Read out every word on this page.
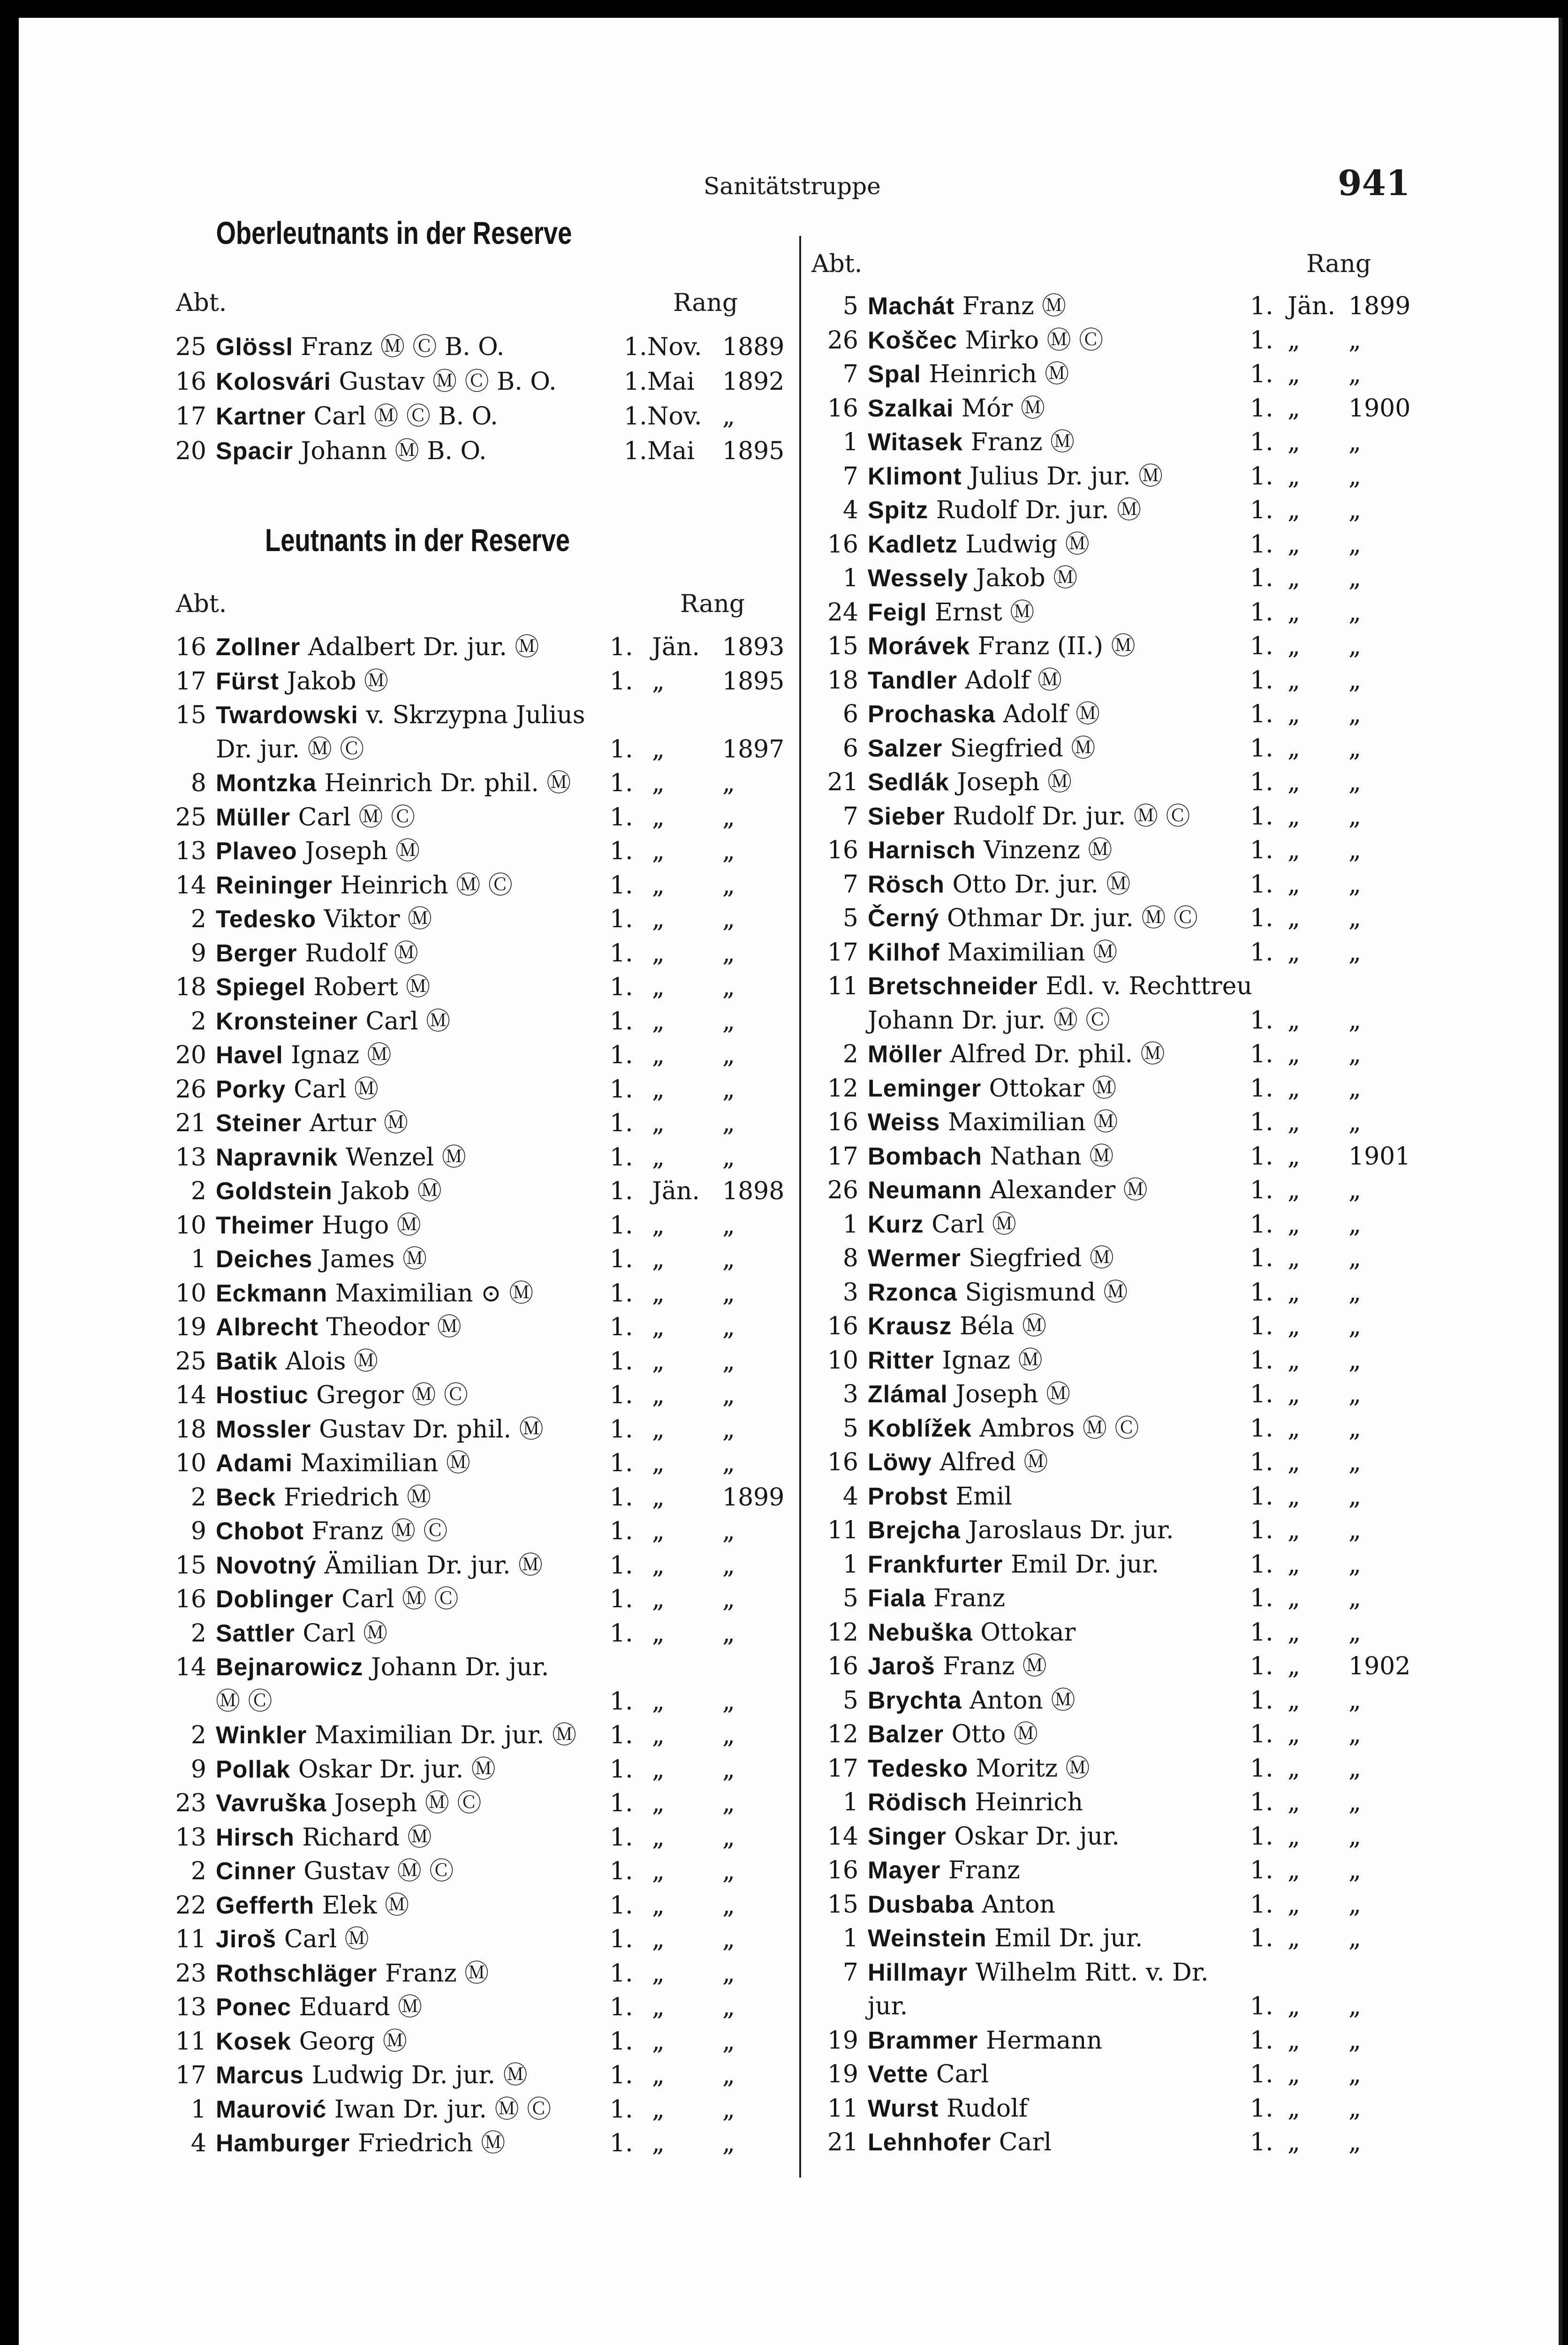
Sanitätstruppe	941
Oberleutnants in der Reserve
Abt.	Rang
25 Glössl Franz Ⓜ Ⓒ B. O.	1. Nov. 1889
16 Kolosvári Gustav Ⓜ Ⓒ B. O.	1. Mai 1892
17 Kartner Carl Ⓜ Ⓒ B. O.	1. Nov. „
20 Spacir Johann Ⓜ B. O.	1. Mai 1895
Leutnants in der Reserve
Abt.	Rang
16 Zollner Adalbert Dr. jur. Ⓜ	1. Jän. 1893
17 Fürst Jakob Ⓜ	1. „ 1895
15 Twardowski v. Skrzypna Julius
Dr. jur. Ⓜ Ⓒ	1. „ 1897
8 Montzka Heinrich Dr. phil. Ⓜ 1. „ „
25 Müller Carl Ⓜ Ⓒ	1. „ „
13 Plaveo Joseph Ⓜ	1. „ „
14 Reininger Heinrich Ⓜ Ⓒ	1. „ „
2 Tedesko Viktor Ⓜ	1. „ „
9 Berger Rudolf Ⓜ	1. „ „
18 Spiegel Robert Ⓜ	1. „ „
2 Kronsteiner Carl Ⓜ	1. „ „
20 Havel Ignaz Ⓜ	1. „ „
26 Porky Carl Ⓜ	1. „ „
21 Steiner Artur Ⓜ	1. „ „
13 Napravnik Wenzel Ⓜ	1. „ „
2 Goldstein Jakob Ⓜ	1. Jän. 1898
10 Theimer Hugo Ⓜ	1. „ „
1 Deiches James Ⓜ	1. „ „
10 Eckmann Maximilian ⊙ Ⓜ	1. „ „
19 Albrecht Theodor Ⓜ	1. „ „
25 Batik Alois Ⓜ	1. „ „
14 Hostiuc Gregor Ⓜ Ⓒ	1. „ „
18 Mossler Gustav Dr. phil. Ⓜ	1. „ „
10 Adami Maximilian Ⓜ	1. „ „
2 Beck Friedrich Ⓜ	1. „ 1899
9 Chobot Franz Ⓜ Ⓒ	1. „ „
15 Novotný Ämilian Dr. jur. Ⓜ	1. „ „
16 Doblinger Carl Ⓜ Ⓒ	1. „ „
2 Sattler Carl Ⓜ	1. „ „
14 Bejnarowicz Johann Dr. jur.
Ⓜ Ⓒ	1. „ „
2 Winkler Maximilian Dr. jur. Ⓜ 1. „ „
9 Pollak Oskar Dr. jur. Ⓜ	1. „ „
23 Vavruška Joseph Ⓜ Ⓒ	1. „ „
13 Hirsch Richard Ⓜ	1. „ „
2 Cinner Gustav Ⓜ Ⓒ	1. „ „
22 Gefferth Elek Ⓜ	1. „ „
11 Jiroš Carl Ⓜ	1. „ „
23 Rothschläger Franz Ⓜ	1. „ „
13 Ponec Eduard Ⓜ	1. „ „
11 Kosek Georg Ⓜ	1. „ „
17 Marcus Ludwig Dr. jur. Ⓜ	1. „ „
1 Maurović Iwan Dr. jur. Ⓜ Ⓒ 1. „ „
4 Hamburger Friedrich Ⓜ	1. „ „
Abt.	Rang
5 Machát Franz Ⓜ	1. Jän. 1899
26 Koščec Mirko Ⓜ Ⓒ	1. „ „
7 Spal Heinrich Ⓜ	1. „ „
16 Szalkai Mór Ⓜ	1. „ 1900
1 Witasek Franz Ⓜ	1. „ „
7 Klimont Julius Dr. jur. Ⓜ	1. „ „
4 Spitz Rudolf Dr. jur. Ⓜ	1. „ „
16 Kadletz Ludwig Ⓜ	1. „ „
1 Wessely Jakob Ⓜ	1. „ „
24 Feigl Ernst Ⓜ	1. „ „
15 Morávek Franz (II.) Ⓜ	1. „ „
18 Tandler Adolf Ⓜ	1. „ „
6 Prochaska Adolf Ⓜ	1. „ „
6 Salzer Siegfried Ⓜ	1. „ „
21 Sedlák Joseph Ⓜ	1. „ „
7 Sieber Rudolf Dr. jur. Ⓜ Ⓒ 1. „ „
16 Harnisch Vinzenz Ⓜ	1. „ „
7 Rösch Otto Dr. jur. Ⓜ	1. „ „
5 Černý Othmar Dr. jur. Ⓜ Ⓒ 1. „ „
17 Kilhof Maximilian Ⓜ	1. „ „
11 Bretschneider Edl. v. Rechttreu
Johann Dr. jur. Ⓜ Ⓒ	1. „ „
2 Möller Alfred Dr. phil. Ⓜ	1. „ „
12 Leminger Ottokar Ⓜ	1. „ „
16 Weiss Maximilian Ⓜ	1. „ „
17 Bombach Nathan Ⓜ	1. „ 1901
26 Neumann Alexander Ⓜ	1. „ „
1 Kurz Carl Ⓜ	1. „ „
8 Wermer Siegfried Ⓜ	1. „ „
3 Rzonca Sigismund Ⓜ	1. „ „
16 Krausz Béla Ⓜ	1. „ „
10 Ritter Ignaz Ⓜ	1. „ „
3 Zlámal Joseph Ⓜ	1. „ „
5 Koblížek Ambros Ⓜ Ⓒ	1. „ „
16 Löwy Alfred Ⓜ	1. „ „
4 Probst Emil	1. „ „
11 Brejcha Jaroslaus Dr. jur.	1. „ „
1 Frankfurter Emil Dr. jur.	1. „ „
5 Fiala Franz	1. „ „
12 Nebuška Ottokar	1. „ „
16 Jaroš Franz Ⓜ	1. „ 1902
5 Brychta Anton Ⓜ	1. „ „
12 Balzer Otto Ⓜ	1. „ „
17 Tedesko Moritz Ⓜ	1. „ „
1 Rödisch Heinrich	1. „ „
14 Singer Oskar Dr. jur.	1. „ „
16 Mayer Franz	1. „ „
15 Dusbaba Anton	1. „ „
1 Weinstein Emil Dr. jur.	1. „ „
7 Hillmayr Wilhelm Ritt. v. Dr.
jur.	1. „ „
19 Brammer Hermann	1. „ „
19 Vette Carl	1. „ „
11 Wurst Rudolf	1. „ „
21 Lehnhofer Carl	1. „ „
